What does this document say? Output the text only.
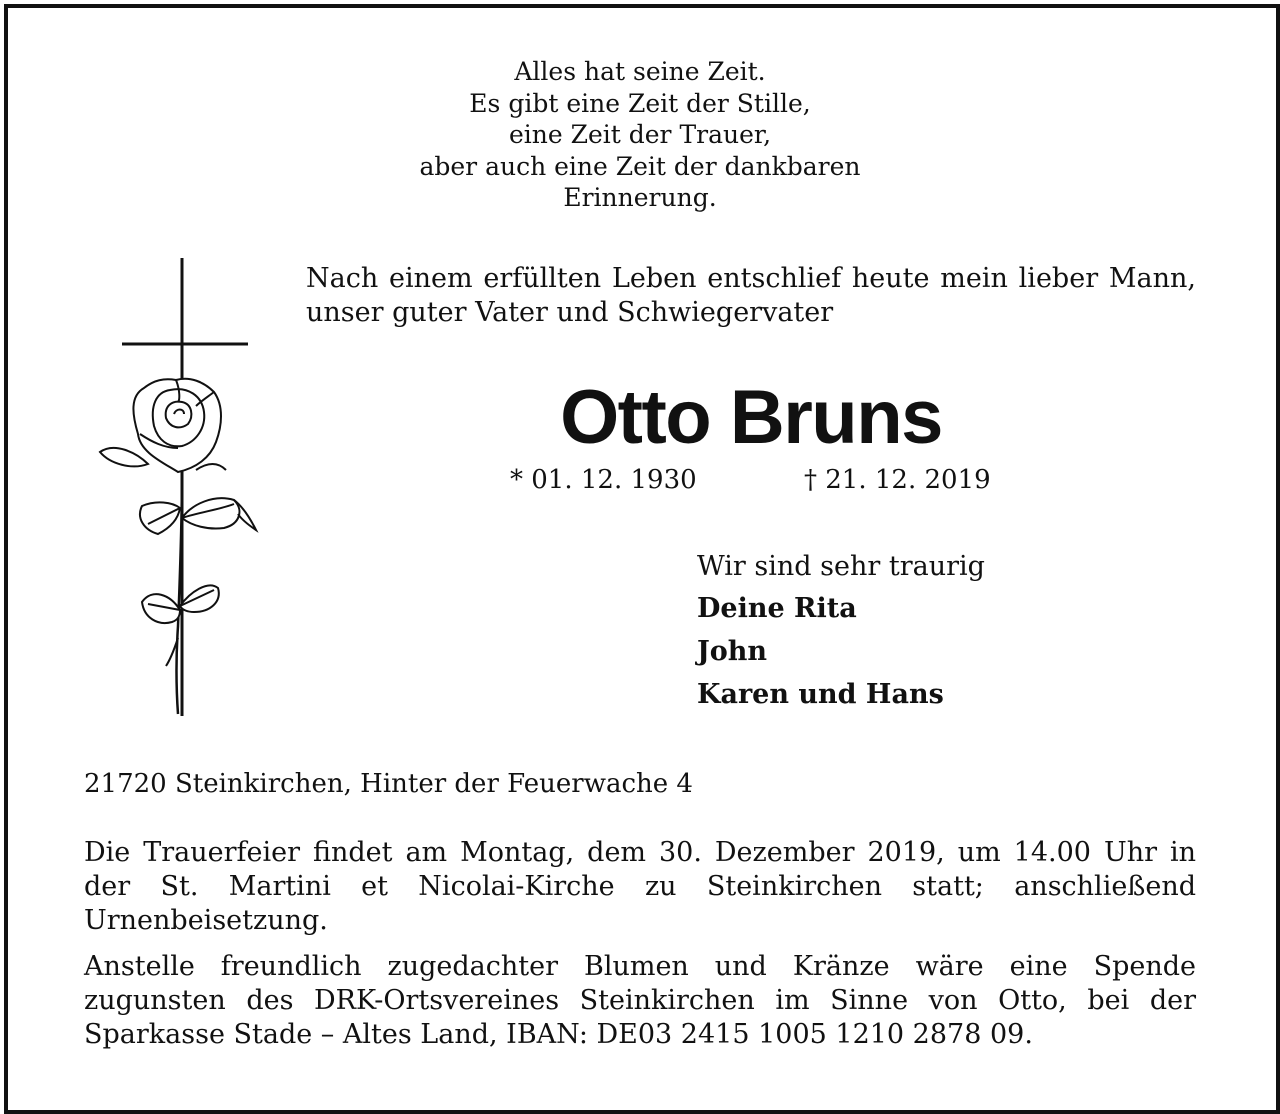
Alles hat seine Zeit.
Es gibt eine Zeit der Stille,
eine Zeit der Trauer,
aber auch eine Zeit der dankbaren
Erinnerung.
Nach einem erfüllten Leben entschlief heute mein lieber Mann, unser guter Vater und Schwiegervater
Otto Bruns
* 01. 12. 1930	† 21. 12. 2019
Wir sind sehr traurig
Deine Rita
John
Karen und Hans
21720 Steinkirchen, Hinter der Feuerwache 4
Die Trauerfeier findet am Montag, dem 30. Dezember 2019, um 14.00 Uhr in der St. Martini et Nicolai-Kirche zu Steinkirchen statt; anschließend Urnenbeisetzung.
Anstelle freundlich zugedachter Blumen und Kränze wäre eine Spende zugunsten des DRK-Ortsvereines Steinkirchen im Sinne von Otto, bei der Sparkasse Stade – Altes Land, IBAN: DE03 2415 1005 1210 2878 09.
